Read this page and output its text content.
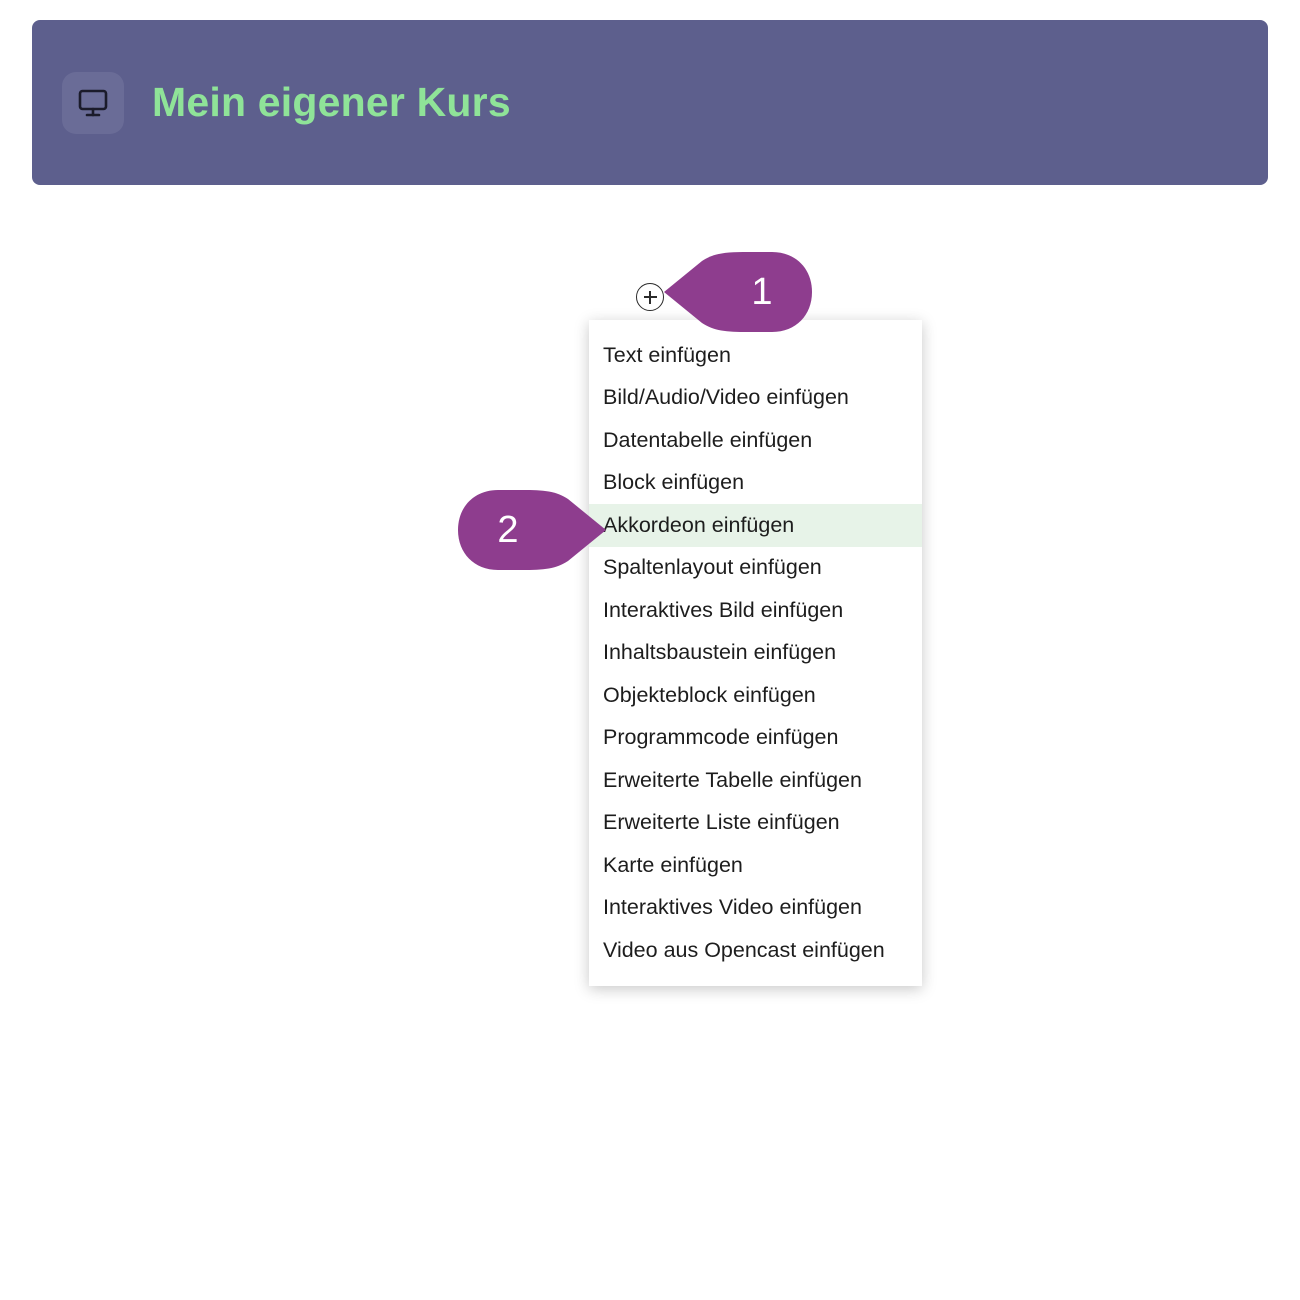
Mein eigener Kurs
Text einfügen
Bild/Audio/Video einfügen
Datentabelle einfügen
Block einfügen
Akkordeon einfügen
Spaltenlayout einfügen
Interaktives Bild einfügen
Inhaltsbaustein einfügen
Objekteblock einfügen
Programmcode einfügen
Erweiterte Tabelle einfügen
Erweiterte Liste einfügen
Karte einfügen
Interaktives Video einfügen
Video aus Opencast einfügen
1
2
